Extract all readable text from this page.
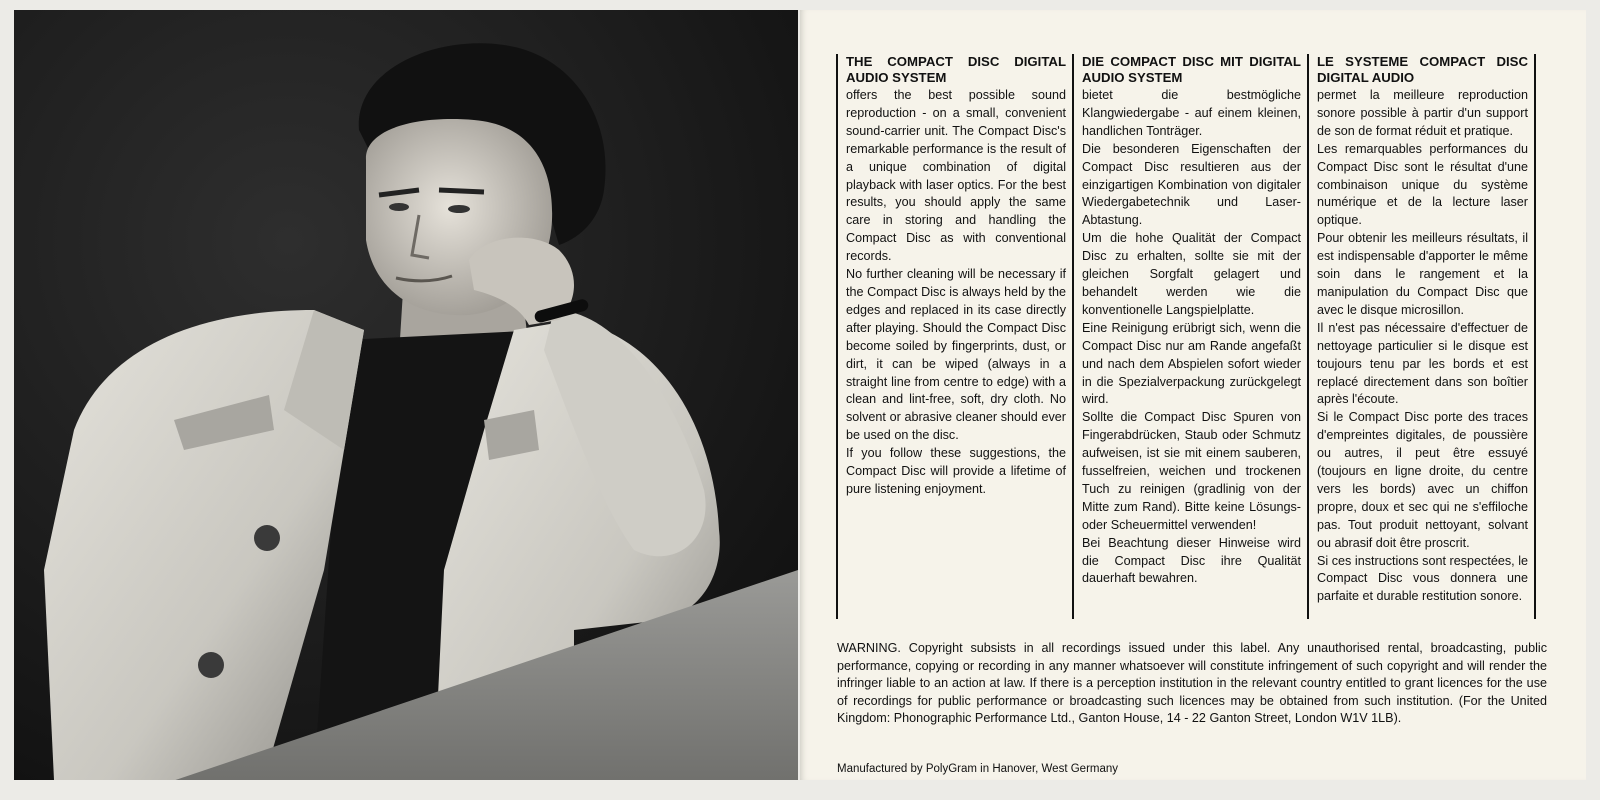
THE COMPACT DISC DIGITAL AUDIO SYSTEM

offers the best possible sound reproduction - on a small, convenient sound-carrier unit. The Compact Disc's remarkable performance is the result of a unique combination of digital playback with laser optics. For the best results, you should apply the same care in storing and handling the Compact Disc as with conventional records.

No further cleaning will be necessary if the Compact Disc is always held by the edges and replaced in its case directly after playing. Should the Compact Disc become soiled by fingerprints, dust, or dirt, it can be wiped (always in a straight line from centre to edge) with a clean and lint-free, soft, dry cloth. No solvent or abrasive cleaner should ever be used on the disc.

If you follow these suggestions, the Compact Disc will provide a lifetime of pure listening enjoyment.

DIE COMPACT DISC MIT DIGITAL AUDIO SYSTEM

bietet die bestmögliche Klangwiedergabe - auf einem kleinen, handlichen Tonträger.

Die besonderen Eigenschaften der Compact Disc resultieren aus der einzigartigen Kombination von digitaler Wiedergabetechnik und Laser-Abtastung.

Um die hohe Qualität der Compact Disc zu erhalten, sollte sie mit der gleichen Sorgfalt gelagert und behandelt werden wie die konventionelle Langspielplatte.

Eine Reinigung erübrigt sich, wenn die Compact Disc nur am Rande angefaßt und nach dem Abspielen sofort wieder in die Spezialverpackung zurückgelegt wird.

Sollte die Compact Disc Spuren von Fingerabdrücken, Staub oder Schmutz aufweisen, ist sie mit einem sauberen, fusselfreien, weichen und trockenen Tuch zu reinigen (gradlinig von der Mitte zum Rand). Bitte keine Lösungs- oder Scheuermittel verwenden!

Bei Beachtung dieser Hinweise wird die Compact Disc ihre Qualität dauerhaft bewahren.

LE SYSTEME COMPACT DISC DIGITAL AUDIO

permet la meilleure reproduction sonore possible à partir d'un support de son de format réduit et pratique.

Les remarquables performances du Compact Disc sont le résultat d'une combinaison unique du système numérique et de la lecture laser optique.

Pour obtenir les meilleurs résultats, il est indispensable d'apporter le même soin dans le rangement et la manipulation du Compact Disc que avec le disque microsillon.

Il n'est pas nécessaire d'effectuer de nettoyage particulier si le disque est toujours tenu par les bords et est replacé directement dans son boîtier après l'écoute.

Si le Compact Disc porte des traces d'empreintes digitales, de poussière ou autres, il peut être essuyé (toujours en ligne droite, du centre vers les bords) avec un chiffon propre, doux et sec qui ne s'effiloche pas. Tout produit nettoyant, solvant ou abrasif doit être proscrit.

Si ces instructions sont respectées, le Compact Disc vous donnera une parfaite et durable restitution sonore.

WARNING. Copyright subsists in all recordings issued under this label. Any unauthorised rental, broadcasting, public performance, copying or recording in any manner whatsoever will constitute infringement of such copyright and will render the infringer liable to an action at law. If there is a perception institution in the relevant country entitled to grant licences for the use of recordings for public performance or broadcasting such licences may be obtained from such institution. (For the United Kingdom: Phonographic Performance Ltd., Ganton House, 14 - 22 Ganton Street, London W1V 1LB).

Manufactured by PolyGram in Hanover, West Germany
